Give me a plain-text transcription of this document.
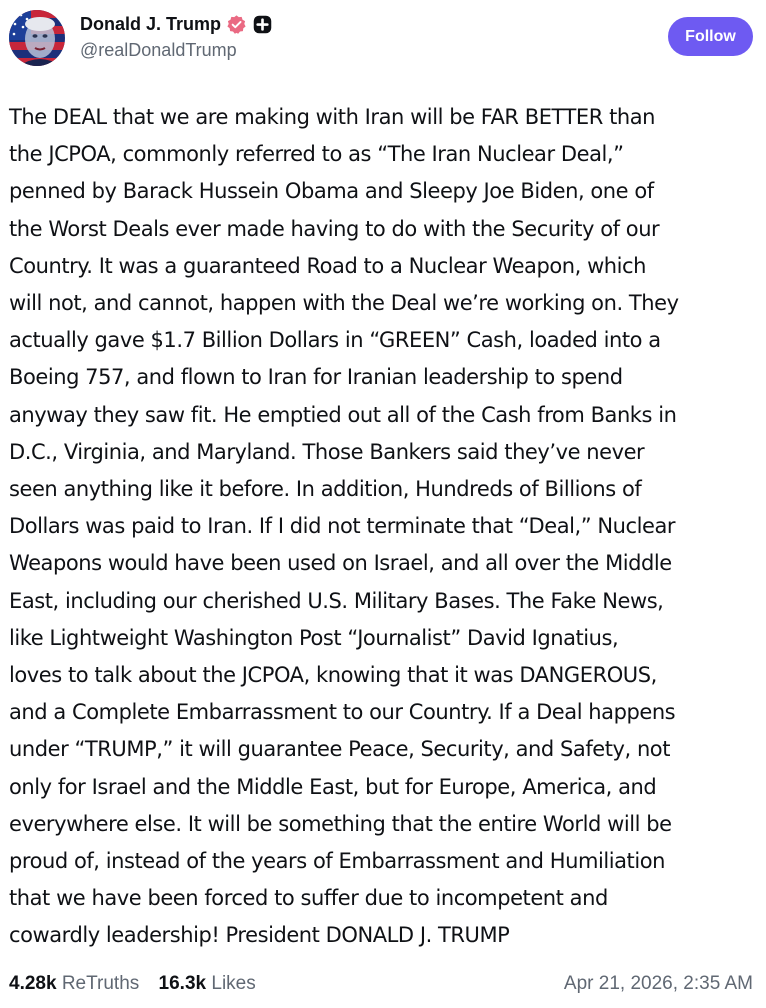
Donald J. Trump
@realDonaldTrump
Follow

The DEAL that we are making with Iran will be FAR BETTER than

the JCPOA, commonly referred to as “The Iran Nuclear Deal,”

penned by Barack Hussein Obama and Sleepy Joe Biden, one of

the Worst Deals ever made having to do with the Security of our

Country. It was a guaranteed Road to a Nuclear Weapon, which

will not, and cannot, happen with the Deal we’re working on. They

actually gave $1.7 Billion Dollars in “GREEN” Cash, loaded into a

Boeing 757, and flown to Iran for Iranian leadership to spend

anyway they saw fit. He emptied out all of the Cash from Banks in

D.C., Virginia, and Maryland. Those Bankers said they’ve never

seen anything like it before. In addition, Hundreds of Billions of

Dollars was paid to Iran. If I did not terminate that “Deal,” Nuclear

Weapons would have been used on Israel, and all over the Middle

East, including our cherished U.S. Military Bases. The Fake News,

like Lightweight Washington Post “Journalist” David Ignatius,

loves to talk about the JCPOA, knowing that it was DANGEROUS,

and a Complete Embarrassment to our Country. If a Deal happens

under “TRUMP,” it will guarantee Peace, Security, and Safety, not

only for Israel and the Middle East, but for Europe, America, and

everywhere else. It will be something that the entire World will be

proud of, instead of the years of Embarrassment and Humiliation

that we have been forced to suffer due to incompetent and

cowardly leadership! President DONALD J. TRUMP

4.28k ReTruths 16.3k Likes	Apr 21, 2026, 2:35 AM
